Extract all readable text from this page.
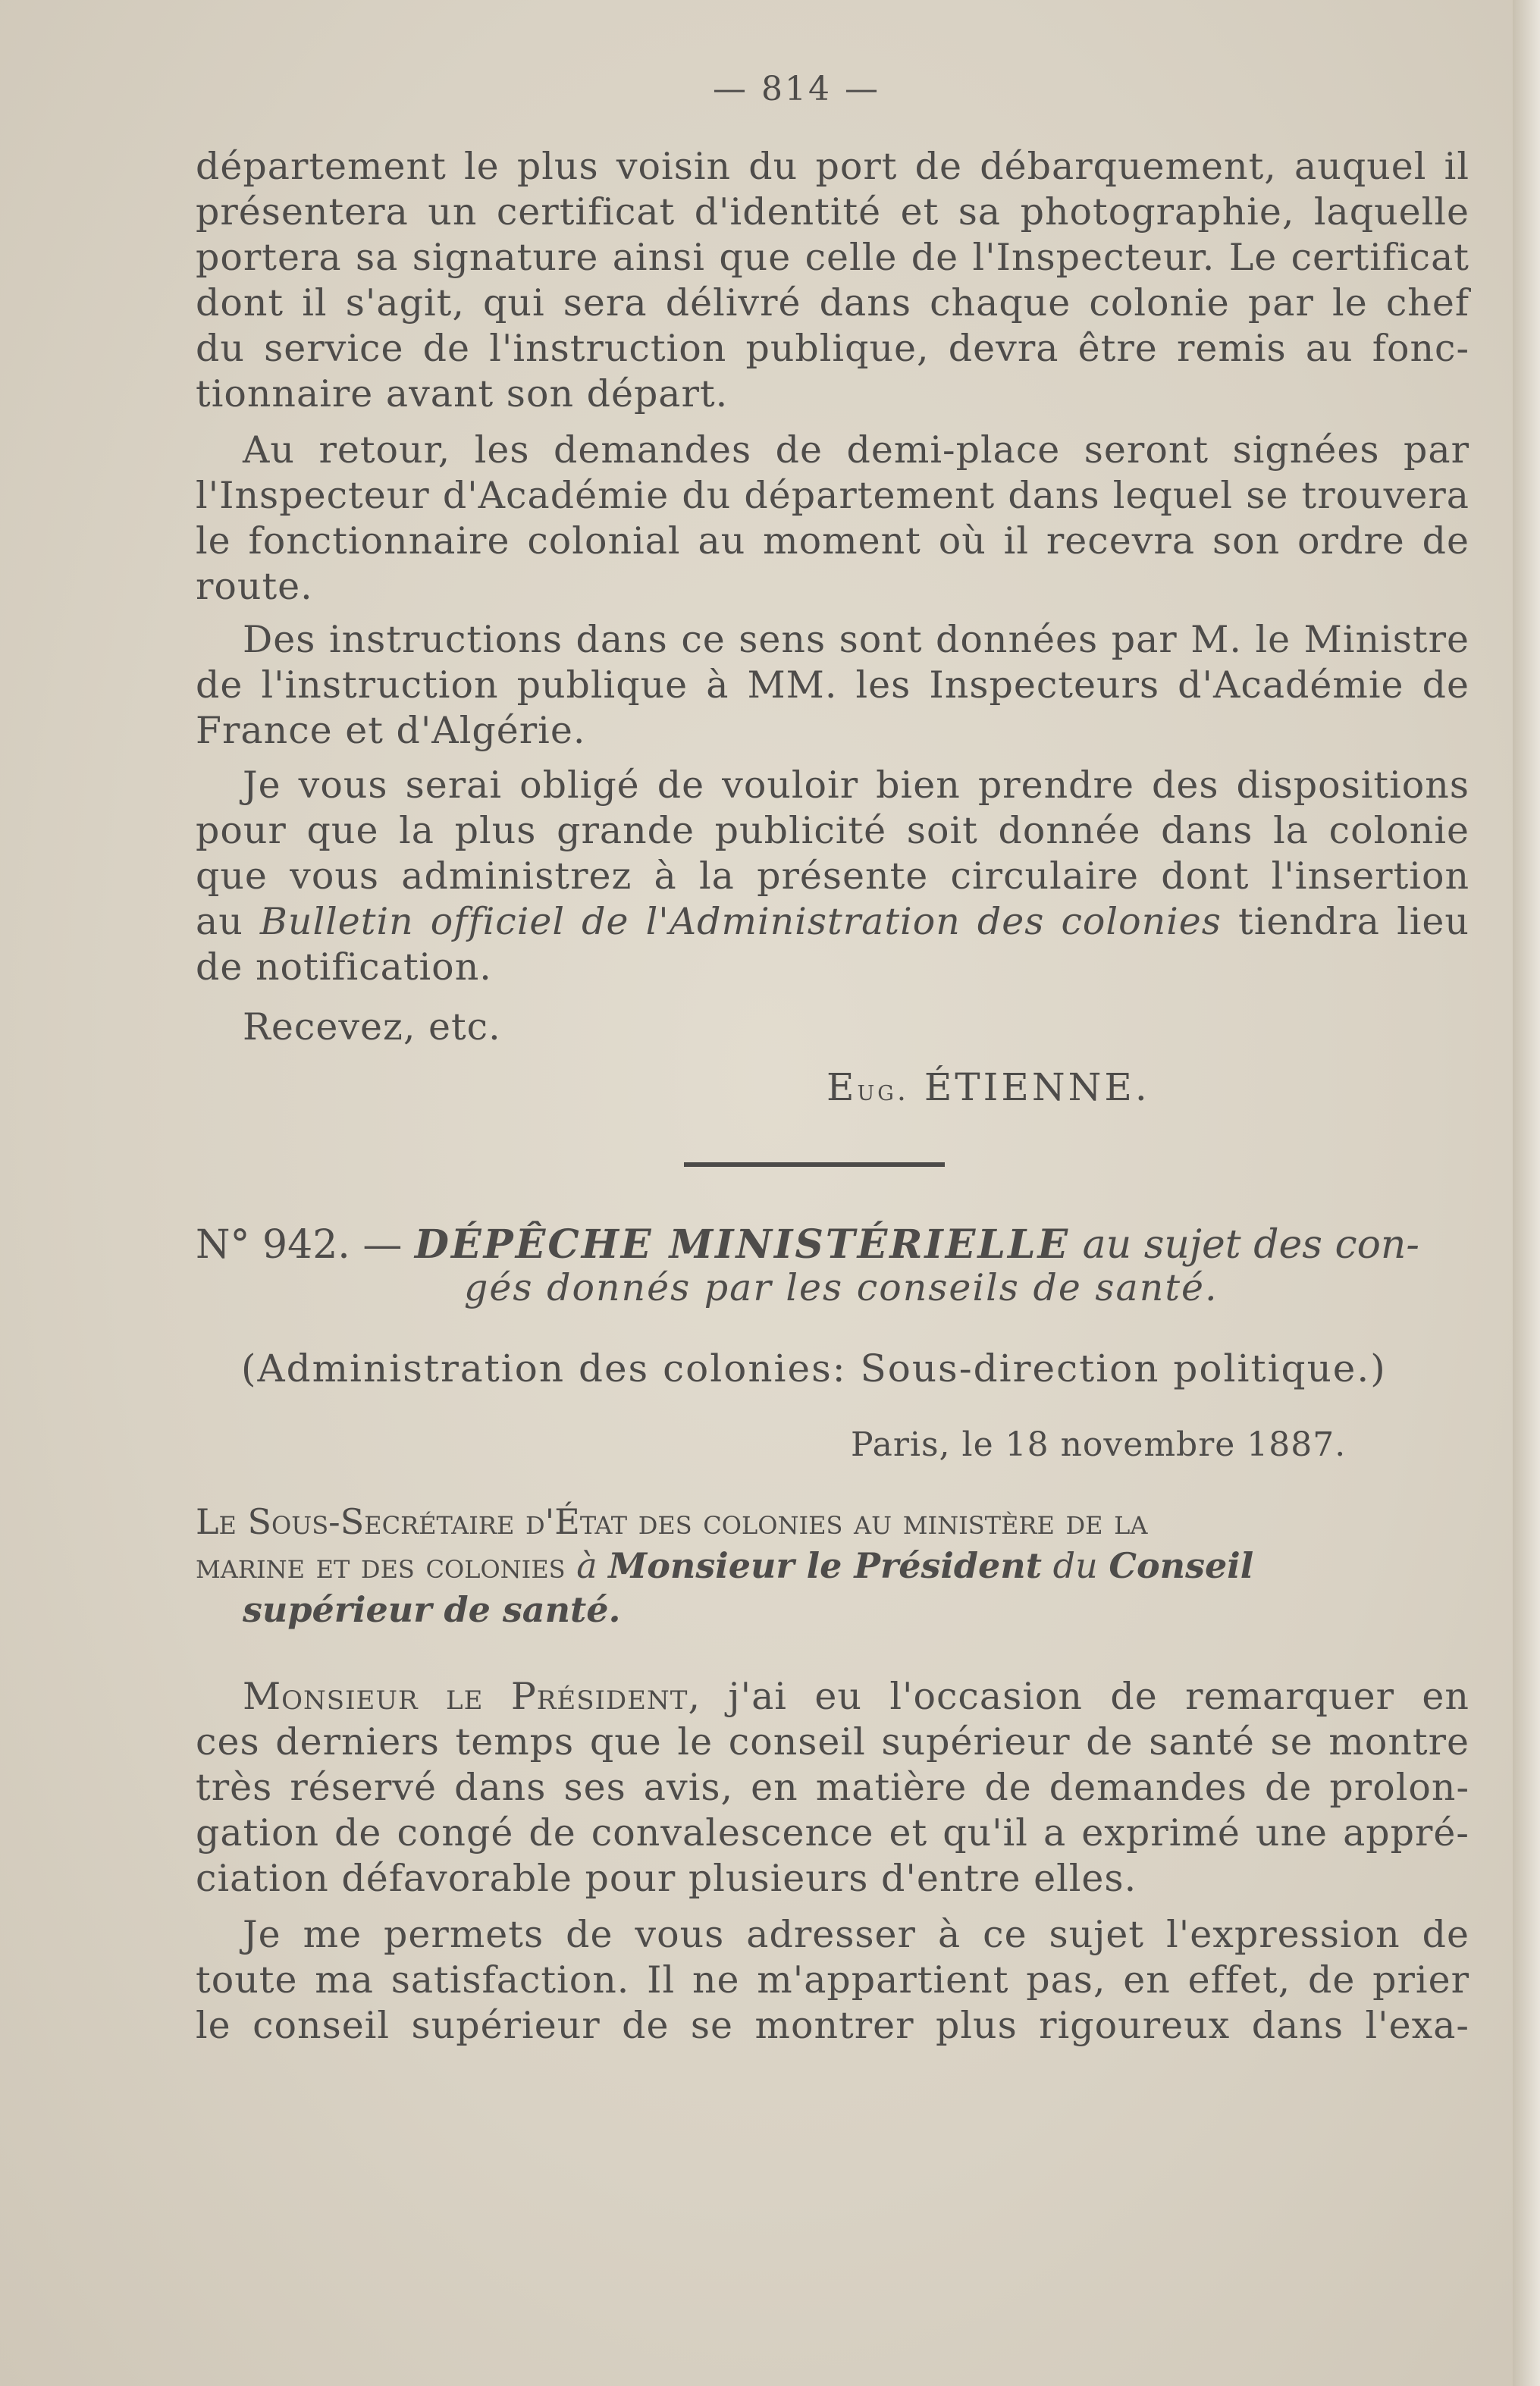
— 814 —
département le plus voisin du port de débarquement, auquel il
présentera un certificat d'identité et sa photographie, laquelle
portera sa signature ainsi que celle de l'Inspecteur. Le certificat
dont il s'agit, qui sera délivré dans chaque colonie par le chef
du service de l'instruction publique, devra être remis au fonc-
tionnaire avant son départ.
Au retour, les demandes de demi-place seront signées par
l'Inspecteur d'Académie du département dans lequel se trouvera
le fonctionnaire colonial au moment où il recevra son ordre de
route.
Des instructions dans ce sens sont données par M. le Ministre
de l'instruction publique à MM. les Inspecteurs d'Académie de
France et d'Algérie.
Je vous serai obligé de vouloir bien prendre des dispositions
pour que la plus grande publicité soit donnée dans la colonie
que vous administrez à la présente circulaire dont l'insertion
au Bulletin officiel de l'Administration des colonies tiendra lieu
de notification.
Recevez, etc.
Eug. ÉTIENNE.
N° 942. — DÉPÊCHE MINISTÉRIELLE au sujet des con-
gés donnés par les conseils de santé.
(Administration des colonies: Sous-direction politique.)
Paris, le 18 novembre 1887.
Le Sous-Secrétaire d'État des colonies au ministère de la
marine et des colonies à Monsieur le Président du Conseil
supérieur de santé.
Monsieur le Président, j'ai eu l'occasion de remarquer en
ces derniers temps que le conseil supérieur de santé se montre
très réservé dans ses avis, en matière de demandes de prolon-
gation de congé de convalescence et qu'il a exprimé une appré-
ciation défavorable pour plusieurs d'entre elles.
Je me permets de vous adresser à ce sujet l'expression de
toute ma satisfaction. Il ne m'appartient pas, en effet, de prier
le conseil supérieur de se montrer plus rigoureux dans l'exa-
